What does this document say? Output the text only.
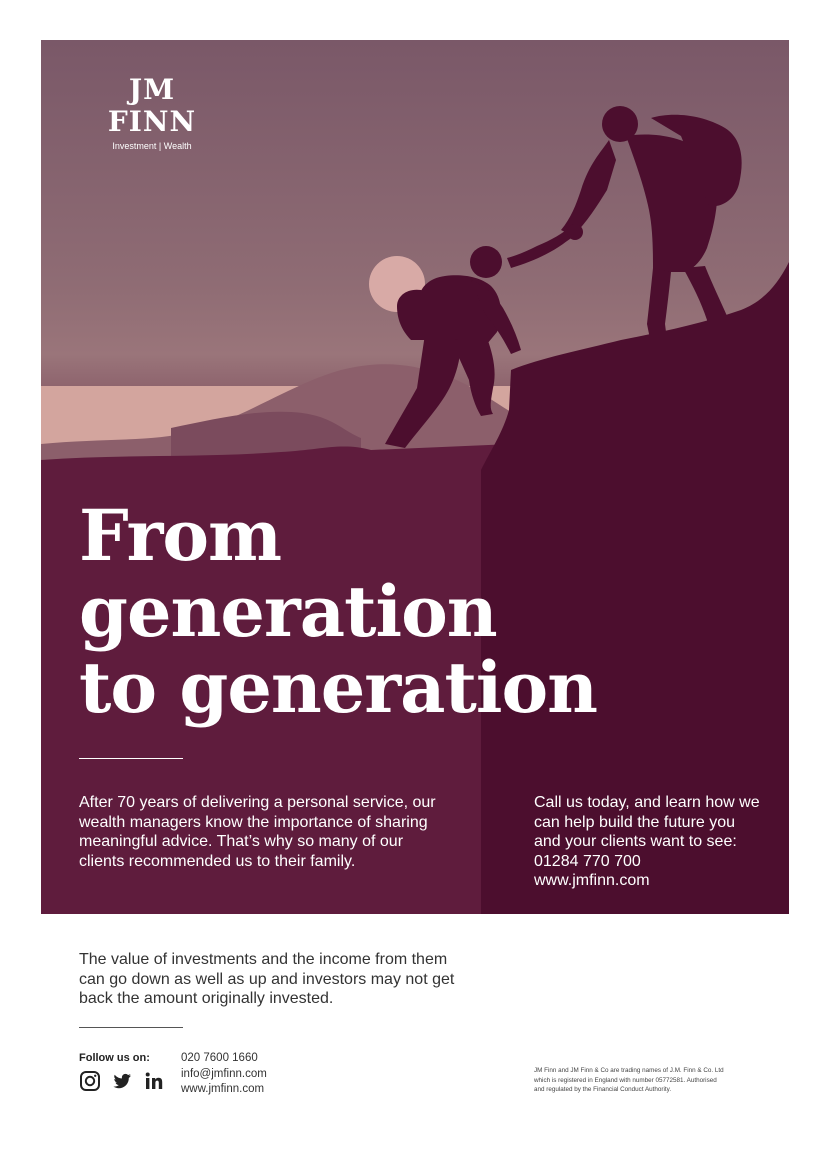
JM FINN
Investment | Wealth
From
generation
to generation
After 70 years of delivering a personal service, our
wealth managers know the importance of sharing
meaningful advice. That’s why so many of our
clients recommended us to their family.
Call us today, and learn how we
can help build the future you
and your clients want to see:
01284 770 700
www.jmfinn.com
The value of investments and the income from them
can go down as well as up and investors may not get
back the amount originally invested.
Follow us on:	020 7600 1660
info@jmfinn.com
www.jmfinn.com
JM Finn and JM Finn & Co are trading names of J.M. Finn & Co. Ltd
which is registered in England with number 05772581. Authorised
and regulated by the Financial Conduct Authority.
